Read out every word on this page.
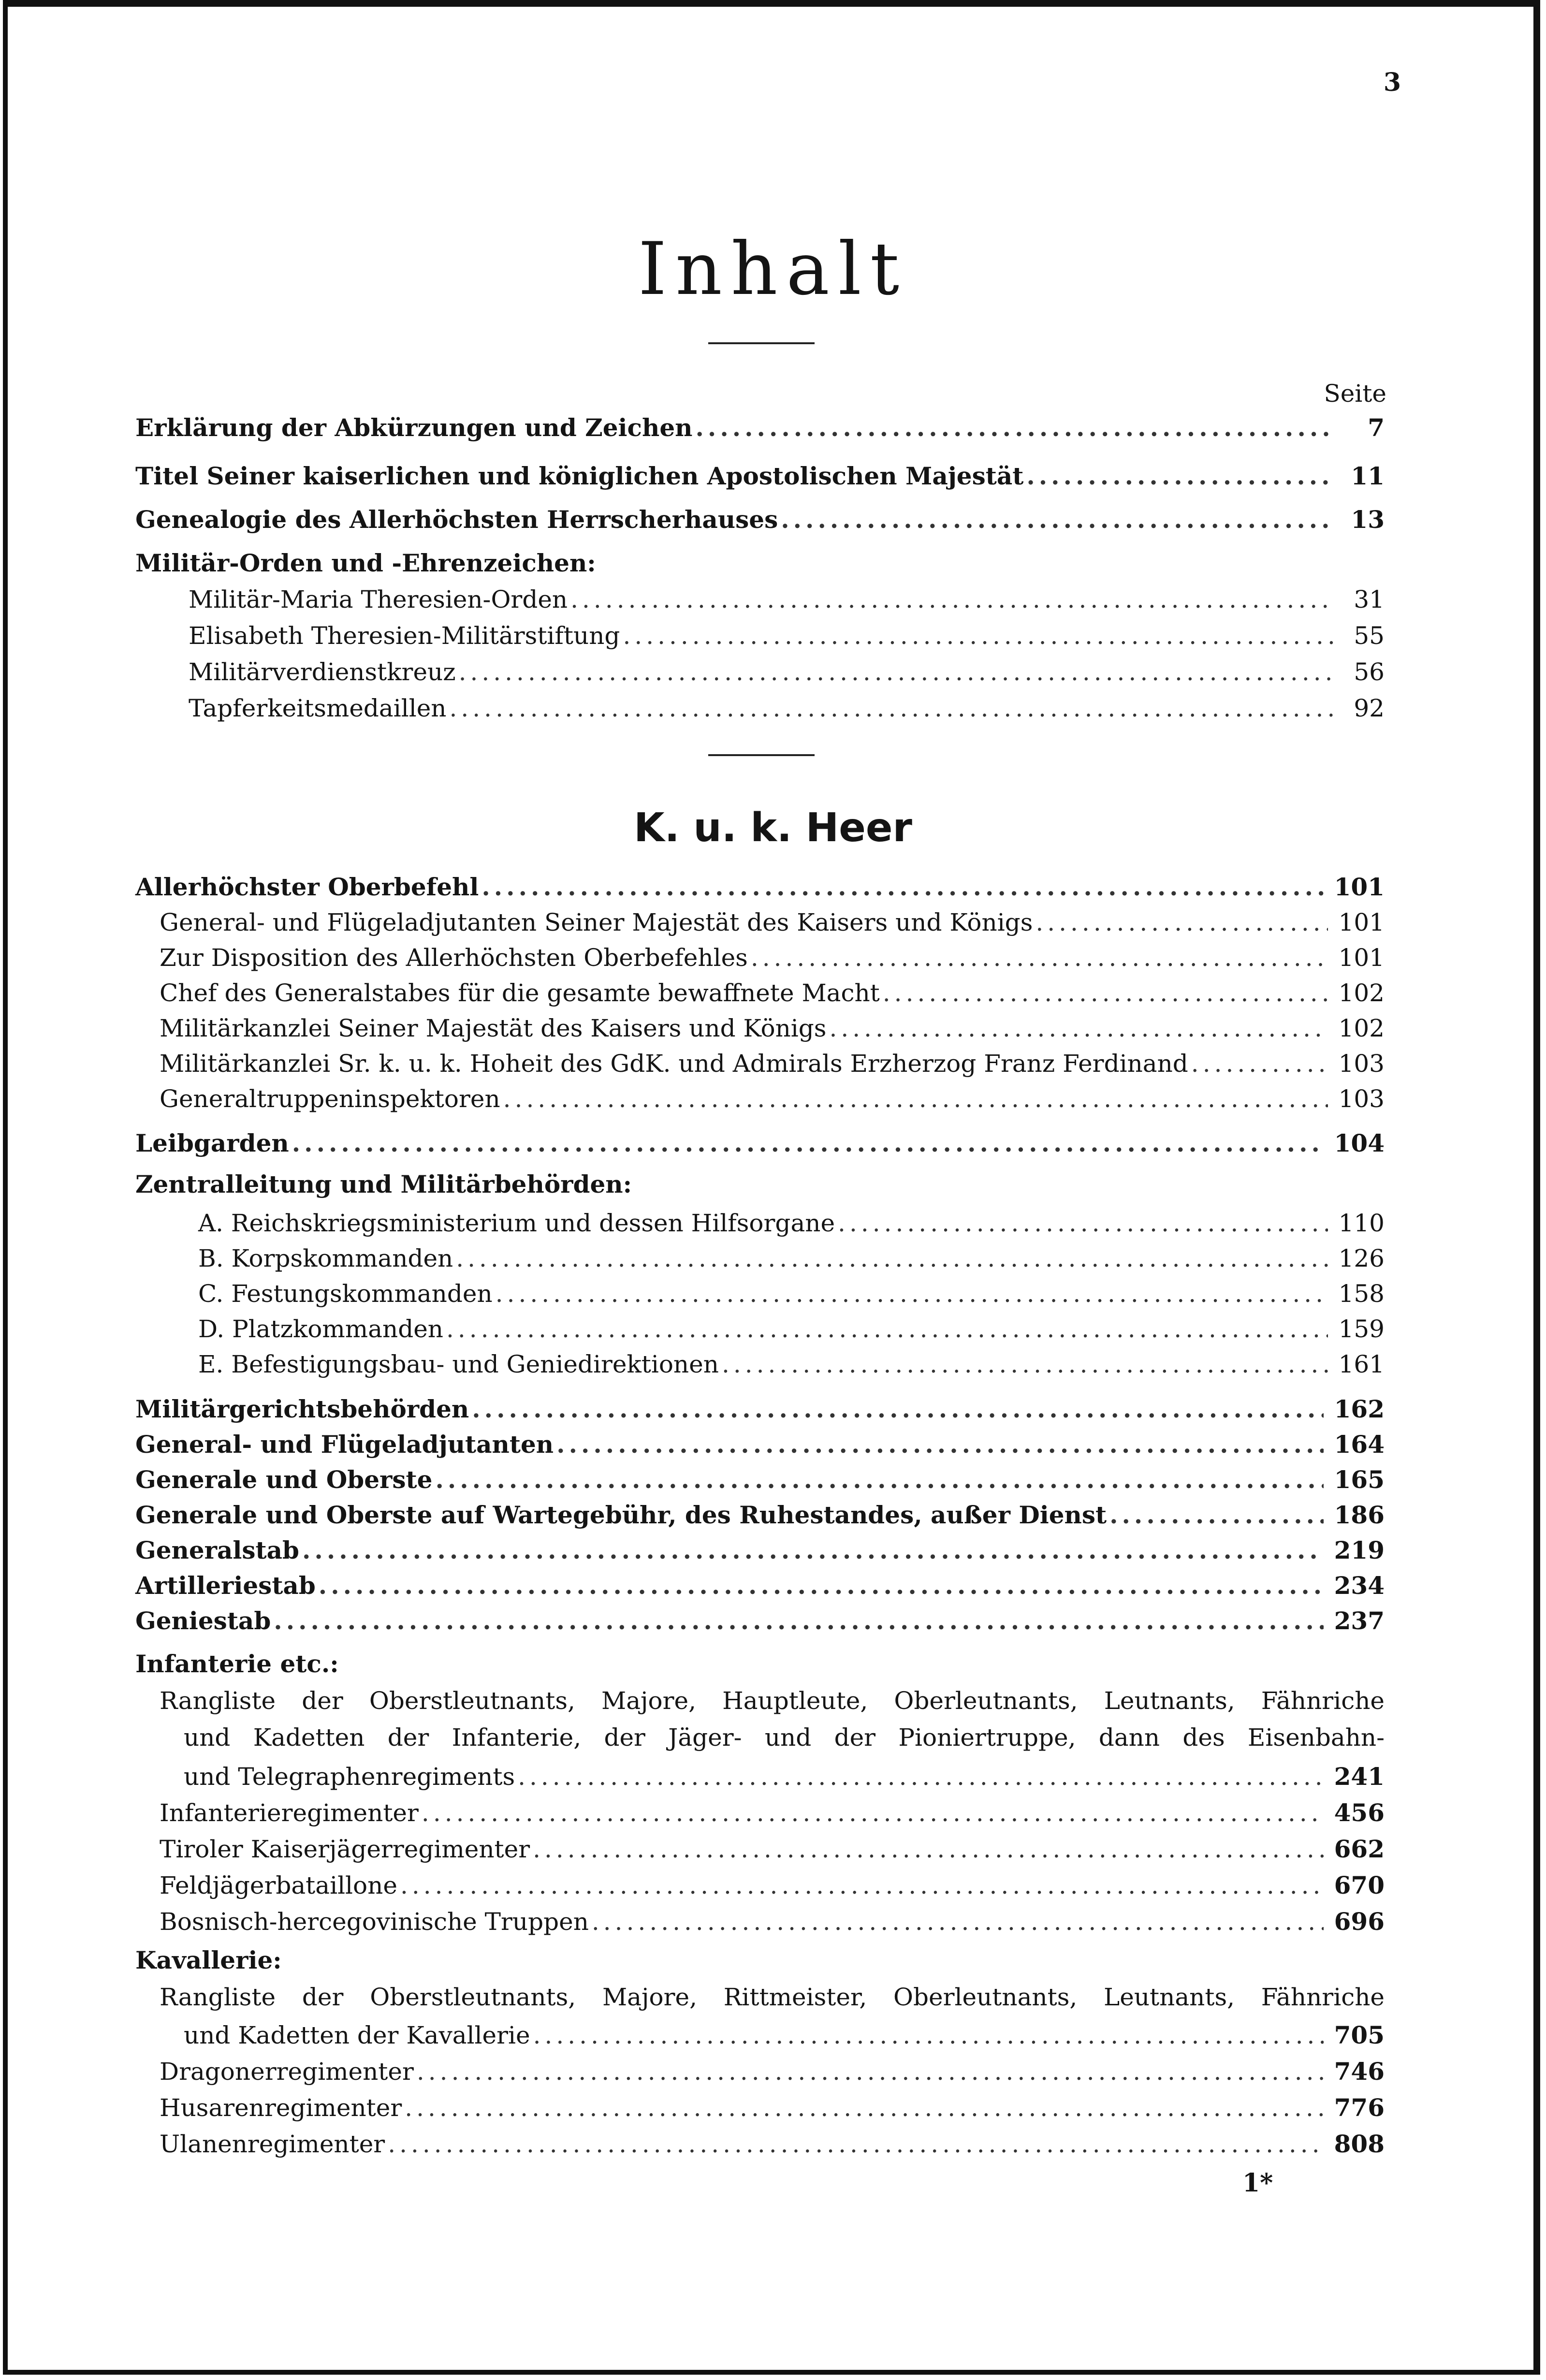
3
Inhalt
Seite
Erklärung der Abkürzungen und Zeichen .....	7
Titel Seiner kaiserlichen und königlichen Apostolischen Majestät .....	11
Genealogie des Allerhöchsten Herrscherhauses .....	13
Militär-Orden und -Ehrenzeichen:
Militär-Maria Theresien-Orden .....	31
Elisabeth Theresien-Militärstiftung .....	55
Militärverdienstkreuz .....	56
Tapferkeitsmedaillen .....	92
K. u. k. Heer
Allerhöchster Oberbefehl .....	101
General- und Flügeladjutanten Seiner Majestät des Kaisers und Königs .....	101
Zur Disposition des Allerhöchsten Oberbefehles .....	101
Chef des Generalstabes für die gesamte bewaffnete Macht .....	102
Militärkanzlei Seiner Majestät des Kaisers und Königs .....	102
Militärkanzlei Sr. k. u. k. Hoheit des GdK. und Admirals Erzherzog Franz Ferdinand .....	103
Generaltruppeninspektoren .....	103
Leibgarden .....	104
Zentralleitung und Militärbehörden:
A. Reichskriegsministerium und dessen Hilfsorgane .....	110
B. Korpskommanden .....	126
C. Festungskommanden .....	158
D. Platzkommanden .....	159
E. Befestigungsbau- und Geniedirektionen .....	161
Militärgerichtsbehörden .....	162
General- und Flügeladjutanten .....	164
Generale und Oberste .....	165
Generale und Oberste auf Wartegebühr, des Ruhestandes, außer Dienst .....	186
Generalstab .....	219
Artilleriestab .....	234
Geniestab .....	237
Infanterie etc.:
Rangliste der Oberstleutnants, Majore, Hauptleute, Oberleutnants, Leutnants, Fähnriche
und Kadetten der Infanterie, der Jäger- und der Pioniertruppe, dann des Eisenbahn-
und Telegraphenregiments .....	241
Infanterieregimenter .....	456
Tiroler Kaiserjägerregimenter .....	662
Feldjägerbataillone .....	670
Bosnisch-hercegovinische Truppen .....	696
Kavallerie:
Rangliste der Oberstleutnants, Majore, Rittmeister, Oberleutnants, Leutnants, Fähnriche
und Kadetten der Kavallerie .....	705
Dragonerregimenter .....	746
Husarenregimenter .....	776
Ulanenregimenter .....	808
1*
